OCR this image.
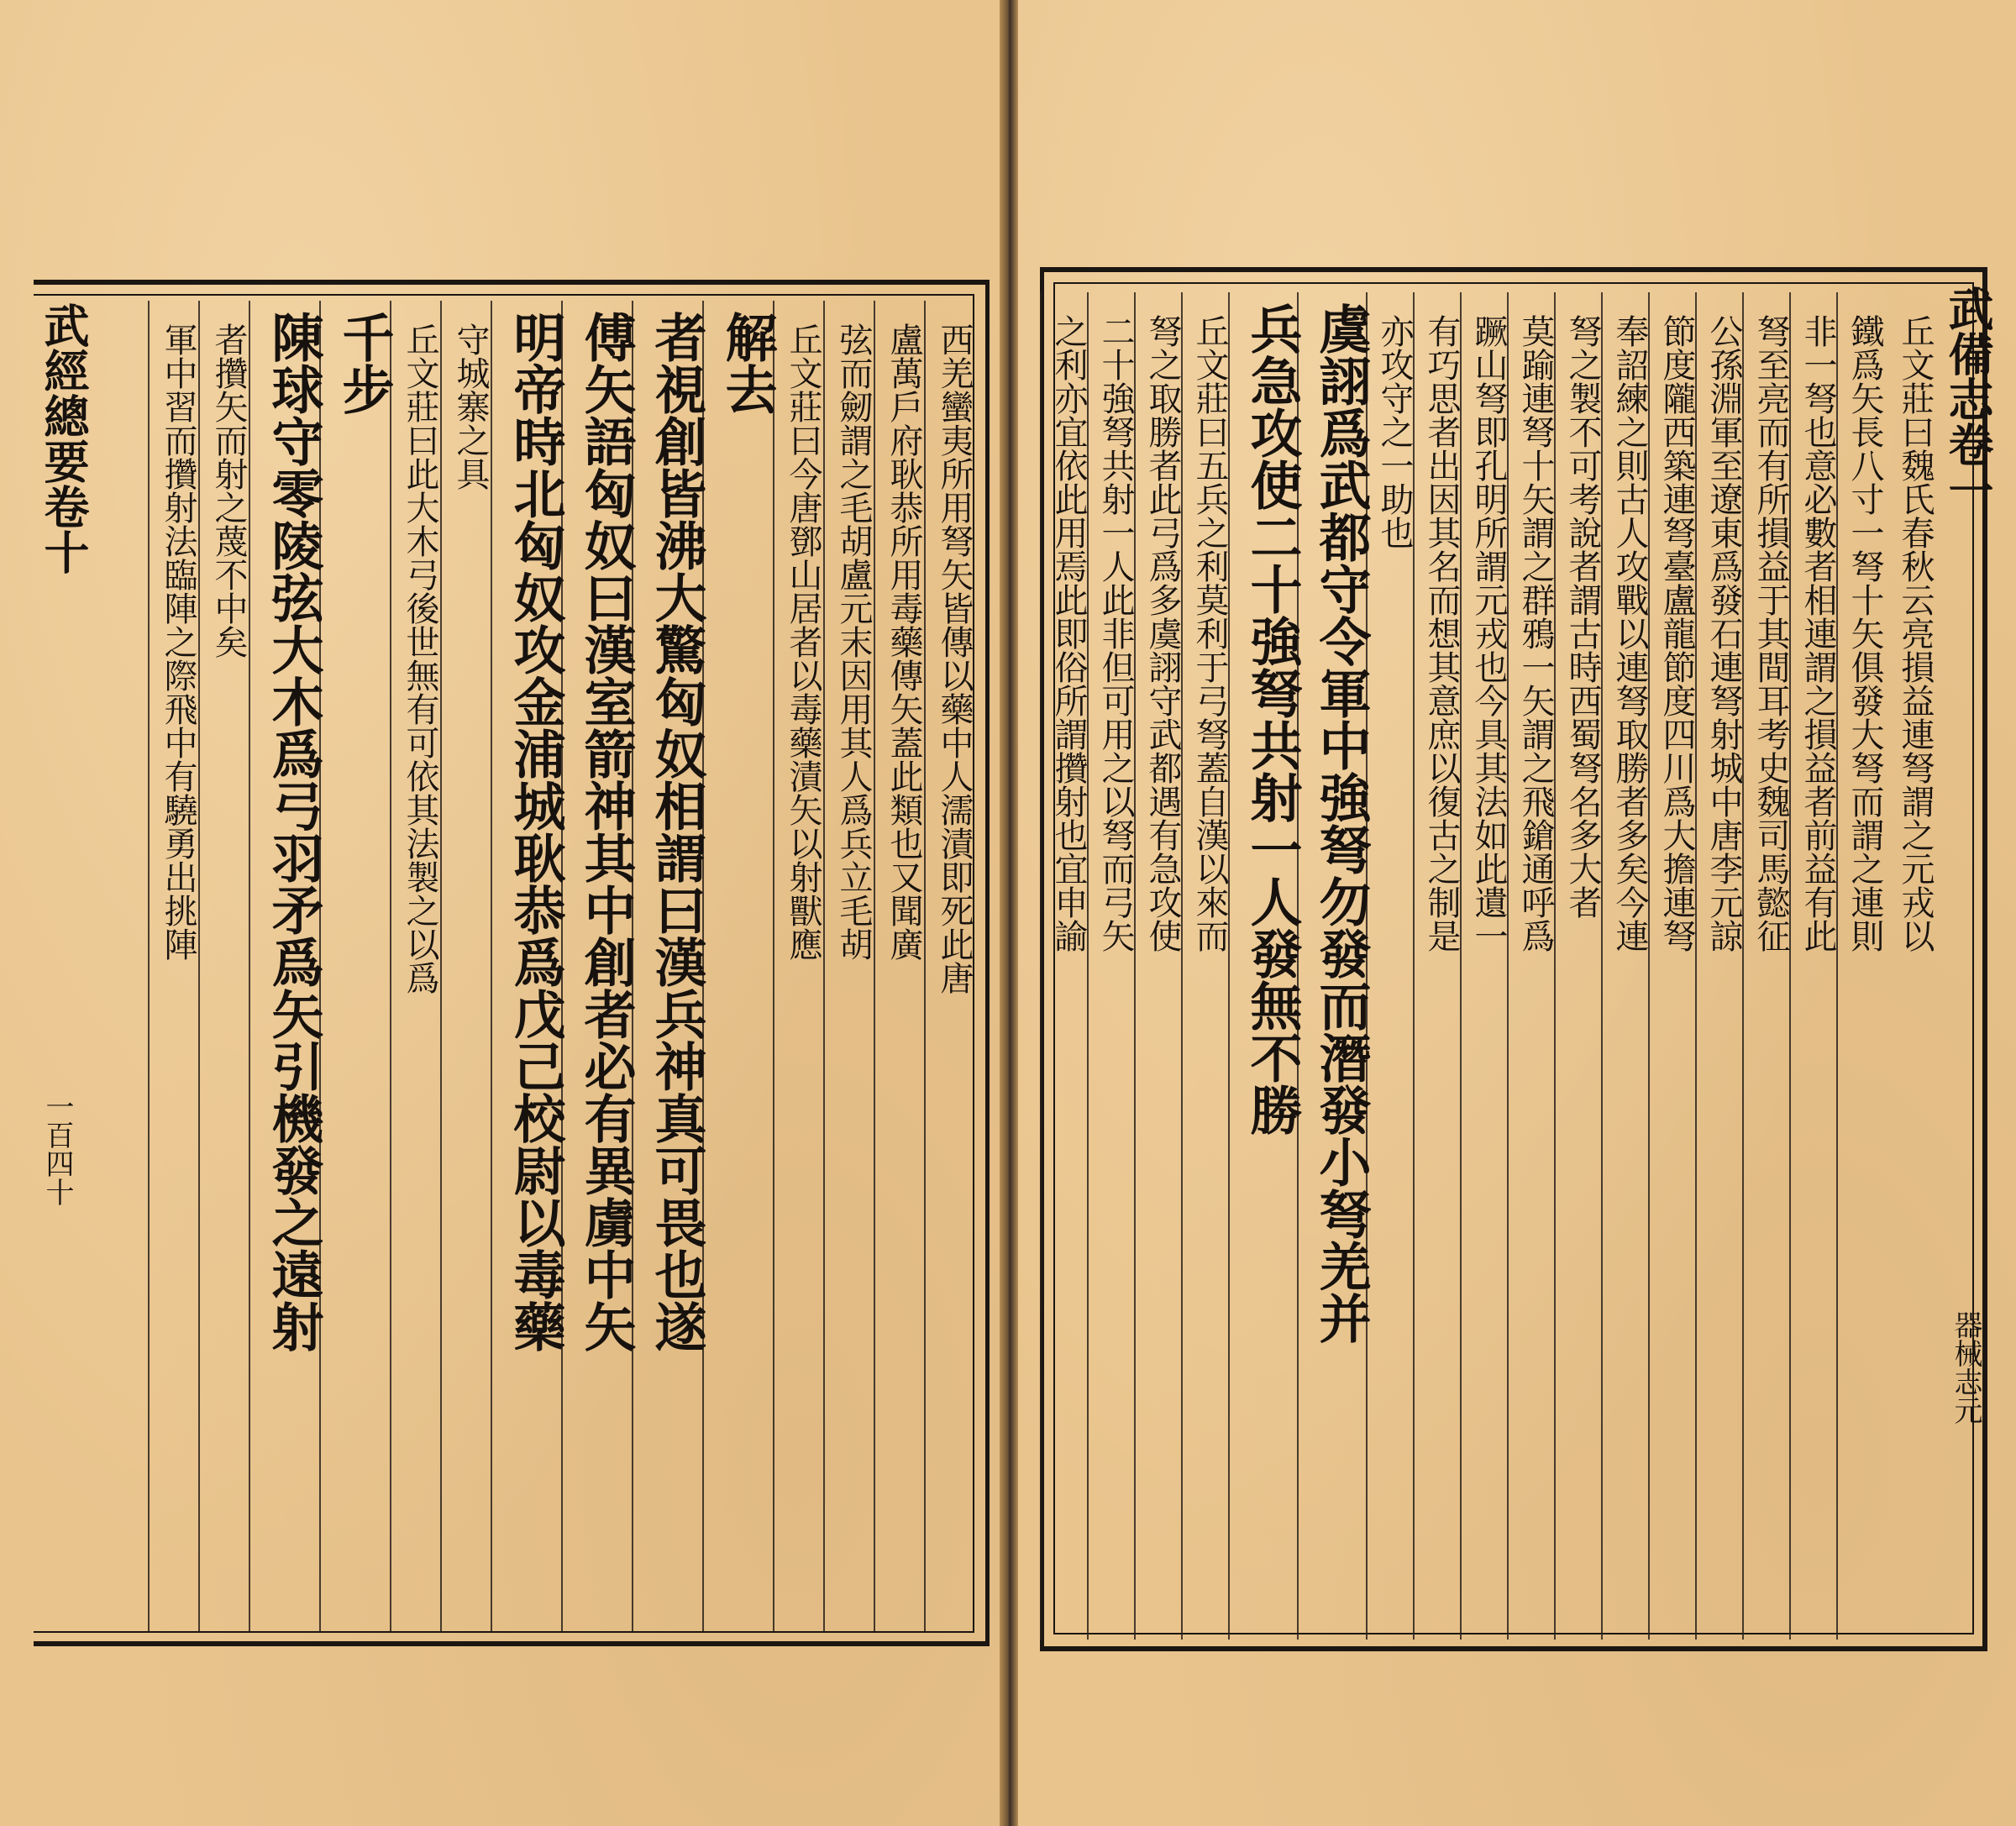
西羌蠻夷所用弩矢皆傳以藥中人濡漬即死此唐
盧萬戶府耿恭所用毒藥傳矢蓋此類也又聞廣
弦而劒謂之毛胡盧元末因用其人爲兵立毛胡
丘文莊曰今唐鄧山居者以毒藥漬矢以射獸應
解去
者視創皆沸大驚匈奴相謂曰漢兵神真可畏也遂
傅矢語匈奴曰漢室箭神其中創者必有異虜中矢
明帝時北匈奴攻金浦城耿恭爲戊己校尉以毒藥
守城寨之具
丘文莊曰此大木弓後世無有可依其法製之以爲
千步
陳球守零陵弦大木爲弓羽矛爲矢引機發之遠射
者攢矢而射之蔑不中矣
軍中習而攢射法臨陣之際飛中有驍勇出挑陣	丘文莊曰魏氏春秋云亮損益連弩謂之元戎以
鐵爲矢長八寸一弩十矢俱發大弩而謂之連則
非一弩也意必數者相連謂之損益者前益有此
弩至亮而有所損益于其間耳考史魏司馬懿征
公孫淵軍至遼東爲發石連弩射城中唐李元諒
節度隴西築連弩臺盧龍節度四川爲大擔連弩
奉詔練之則古人攻戰以連弩取勝者多矣今連
弩之製不可考說者謂古時西蜀弩名多大者
莫踰連弩十矢謂之群鴉一矢謂之飛鎗通呼爲
蹶山弩即孔明所謂元戎也今具其法如此遺一
有巧思者出因其名而想其意庶以復古之制是
亦攻守之一助也
虞詡爲武都守令軍中強弩勿發而潛發小弩羌并
兵急攻使二十強弩共射一人發無不勝
丘文莊曰五兵之利莫利于弓弩蓋自漢以來而
弩之取勝者此弓爲多虞詡守武都遇有急攻使
二十強弩共射一人此非但可用之以弩而弓矢
之利亦宜依此用焉此即俗所謂攢射也宜申諭
武經總要卷十
一百四十
武備志卷一
器械志元
